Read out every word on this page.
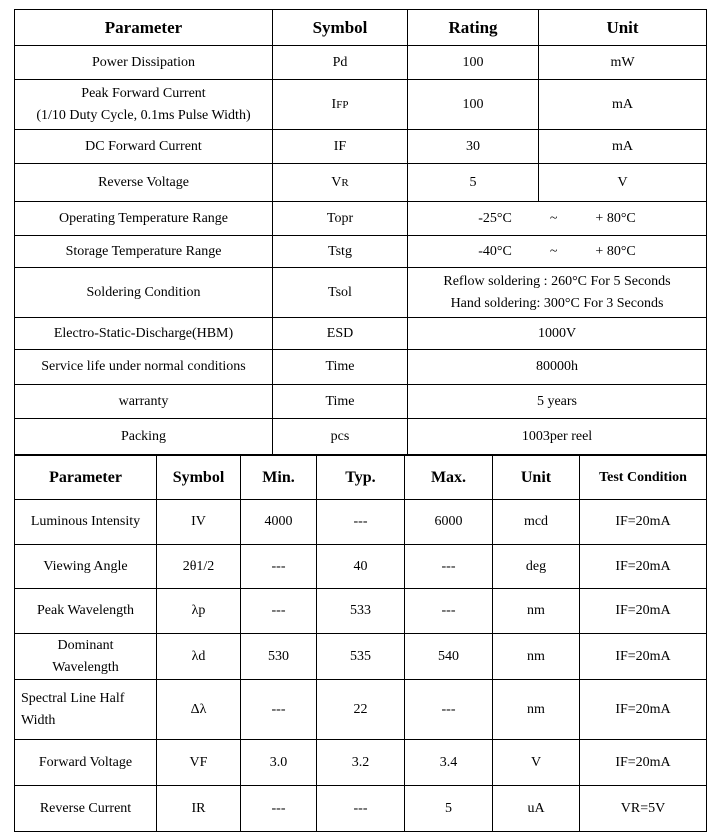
Parameter	Symbol	Rating	Unit
Power Dissipation	Pd	100	mW

Peak Forward Current
(1/10 Duty Cycle, 0.1ms Pulse Width)	IFP	100	mA
DC Forward Current	IF	30	mA
Reverse Voltage	VR	5	V
Operating Temperature Range	Topr	-25°C ~ + 80°C	
Storage Temperature Range	Tstg	-40°C ~ + 80°C	
Soldering Condition	Tsol	Reflow soldering : 260°C For 5 Seconds
Hand soldering: 300°C For 3 Seconds	

Electro-Static-Discharge(HBM)	ESD	1000V	
Service life under normal conditions	Time	80000h	
warranty	Time	5 years	
Packing	pcs	1003per reel	
Parameter	Symbol	Min.	Typ.	Max.	Unit	Test Condition
Luminous Intensity	IV	4000	---	6000	mcd	IF=20mA
Viewing Angle	2θ1/2	---	40	---	deg	IF=20mA
Peak Wavelength	λp	---	533	---	nm	IF=20mA

Dominant
Wavelength	λd	530	535	540	nm	IF=20mA

Spectral Line Half
Width	Δλ	---	22	---	nm	IF=20mA
Forward Voltage	VF	3.0	3.2	3.4	V	IF=20mA
Reverse Current	IR	---	---	5	uA	VR=5V
